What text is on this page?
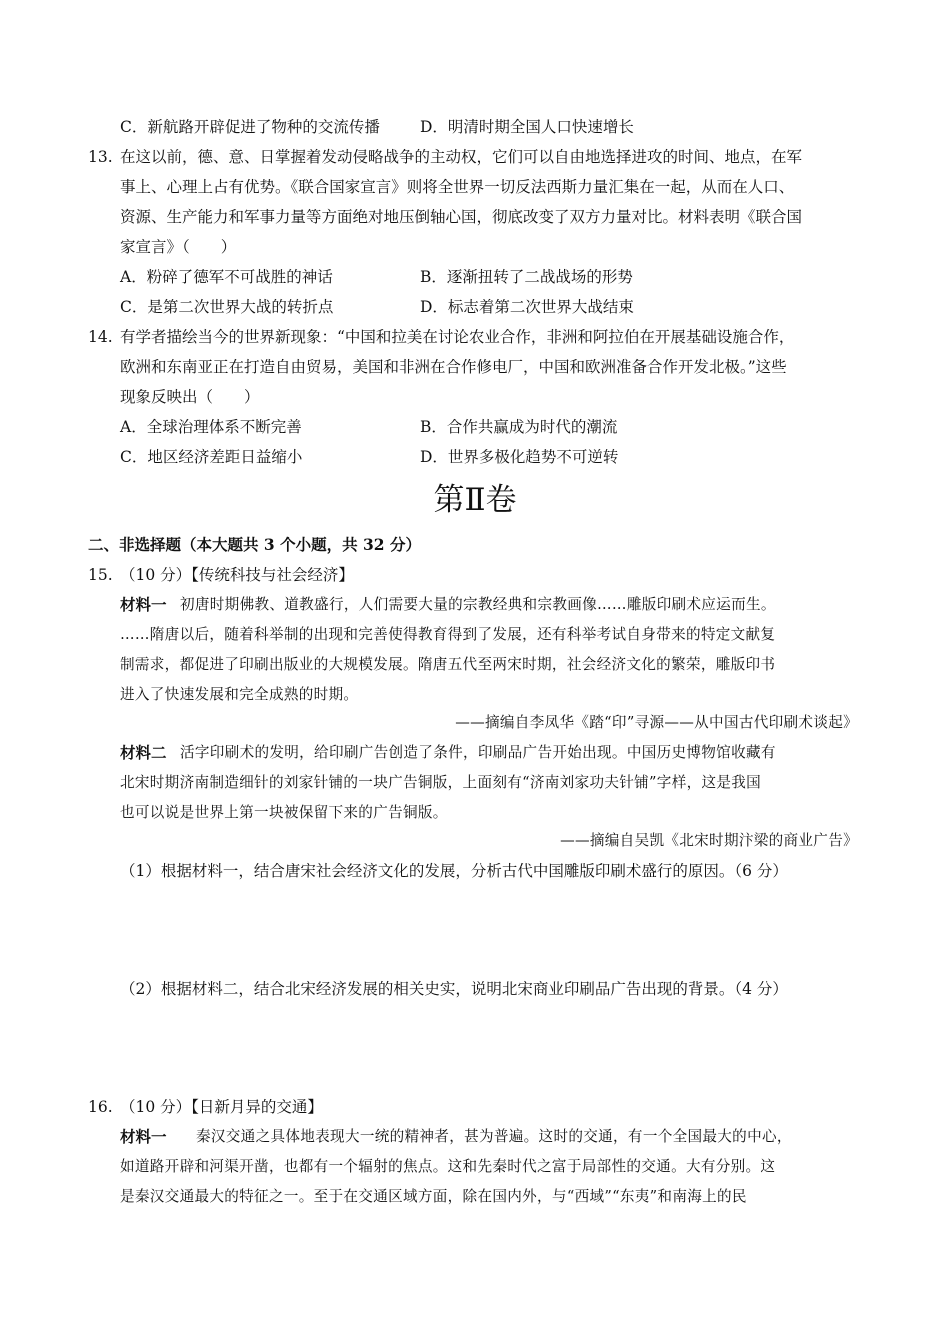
C．新航路开辟促进了物种的交流传播	D．明清时期全国人口快速增长
13. 在这以前，德、意、日掌握着发动侵略战争的主动权，它们可以自由地选择进攻的时间、地点，在军
事上、心理上占有优势。《联合国家宣言》则将全世界一切反法西斯力量汇集在一起，从而在人口、
资源、生产能力和军事力量等方面绝对地压倒轴心国，彻底改变了双方力量对比。材料表明《联合国
家宣言》（　　）
A．粉碎了德军不可战胜的神话	B．逐渐扭转了二战战场的形势
C．是第二次世界大战的转折点	D．标志着第二次世界大战结束
14. 有学者描绘当今的世界新现象：“中国和拉美在讨论农业合作，非洲和阿拉伯在开展基础设施合作，
欧洲和东南亚正在打造自由贸易，美国和非洲在合作修电厂，中国和欧洲准备合作开发北极。”这些
现象反映出（　　）
A．全球治理体系不断完善	B．合作共赢成为时代的潮流
C．地区经济差距日益缩小	D．世界多极化趋势不可逆转
第Ⅱ卷
二、非选择题（本大题共 3 个小题，共 32 分）
15. （10 分）【传统科技与社会经济】
材料一 初唐时期佛教、道教盛行，人们需要大量的宗教经典和宗教画像……雕版印刷术应运而生。
……隋唐以后，随着科举制的出现和完善使得教育得到了发展，还有科举考试自身带来的特定文献复
制需求，都促进了印刷出版业的大规模发展。隋唐五代至两宋时期，社会经济文化的繁荣，雕版印书
进入了快速发展和完全成熟的时期。
——摘编自李凤华《踏“印”寻源——从中国古代印刷术谈起》
材料二 活字印刷术的发明，给印刷广告创造了条件，印刷品广告开始出现。中国历史博物馆收藏有
北宋时期济南制造细针的刘家针铺的一块广告铜版，上面刻有“济南刘家功夫针铺”字样，这是我国
也可以说是世界上第一块被保留下来的广告铜版。
——摘编自吴凯《北宋时期汴梁的商业广告》
（1）根据材料一，结合唐宋社会经济文化的发展，分析古代中国雕版印刷术盛行的原因。（6 分）
（2）根据材料二，结合北宋经济发展的相关史实，说明北宋商业印刷品广告出现的背景。（4 分）
16. （10 分）【日新月异的交通】
材料一 秦汉交通之具体地表现大一统的精神者，甚为普遍。这时的交通，有一个全国最大的中心，
如道路开辟和河渠开凿，也都有一个辐射的焦点。这和先秦时代之富于局部性的交通。大有分别。这
是秦汉交通最大的特征之一。至于在交通区域方面，除在国内外，与“西域”“东夷”和南海上的民
